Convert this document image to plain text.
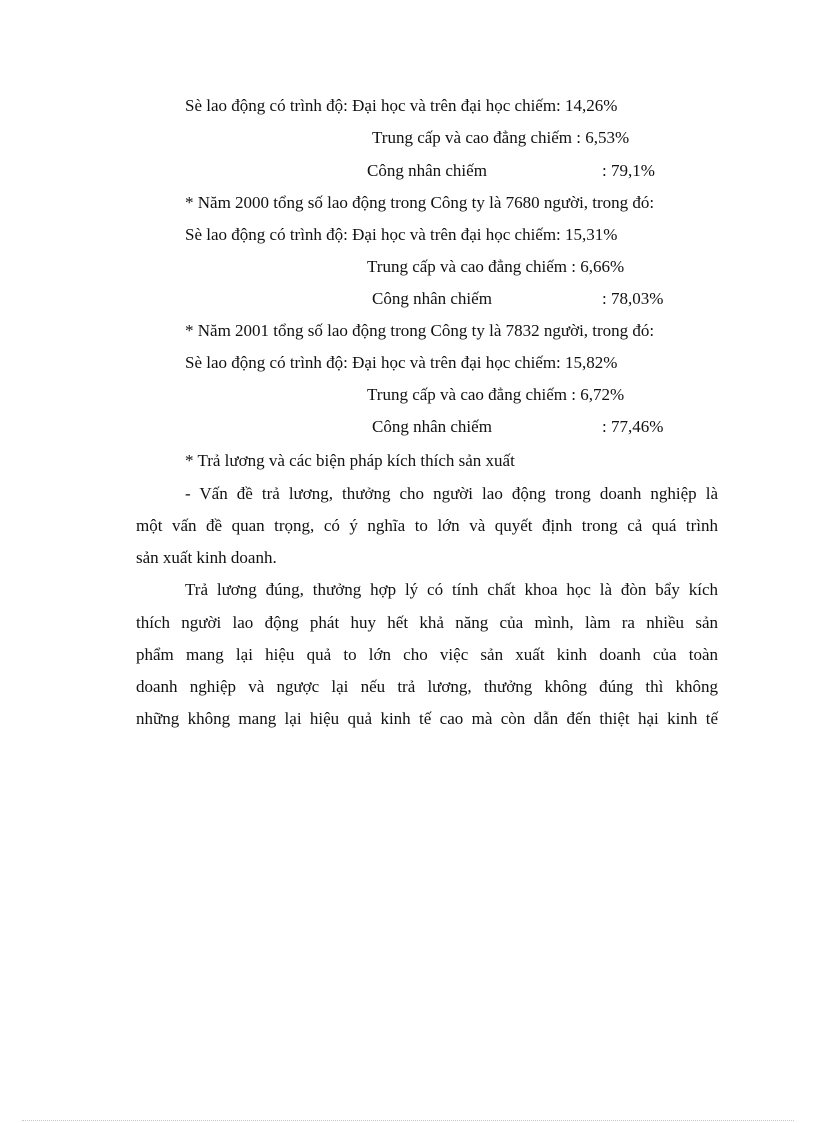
Sè lao động có trình độ: Đại học và trên đại học chiếm: 14,26%
Trung cấp và cao đẳng chiếm : 6,53%
Công nhân chiếm	: 79,1%
* Năm 2000 tổng số lao động trong Công ty là 7680 người, trong đó:
Sè lao động có trình độ: Đại học và trên đại học chiếm: 15,31%
Trung cấp và cao đẳng chiếm : 6,66%
Công nhân chiếm	: 78,03%
* Năm 2001 tổng số lao động trong Công ty là 7832 người, trong đó:
Sè lao động có trình độ: Đại học và trên đại học chiếm: 15,82%
Trung cấp và cao đẳng chiếm : 6,72%
Công nhân chiếm	: 77,46%
* Trả lương và các biện pháp kích thích sản xuất
- Vấn đề trả lương, thưởng cho người lao động trong doanh nghiệp là
một vấn đề quan trọng, có ý nghĩa to lớn và quyết định trong cả quá trình
sản xuất kinh doanh.
Trả lương đúng, thưởng hợp lý có tính chất khoa học là đòn bẩy kích
thích người lao động phát huy hết khả năng của mình, làm ra nhiều sản
phẩm mang lại hiệu quả to lớn cho việc sản xuất kinh doanh của toàn
doanh nghiệp và ngược lại nếu trả lương, thưởng không đúng thì không
những không mang lại hiệu quả kinh tế cao mà còn dẫn đến thiệt hại kinh tế
